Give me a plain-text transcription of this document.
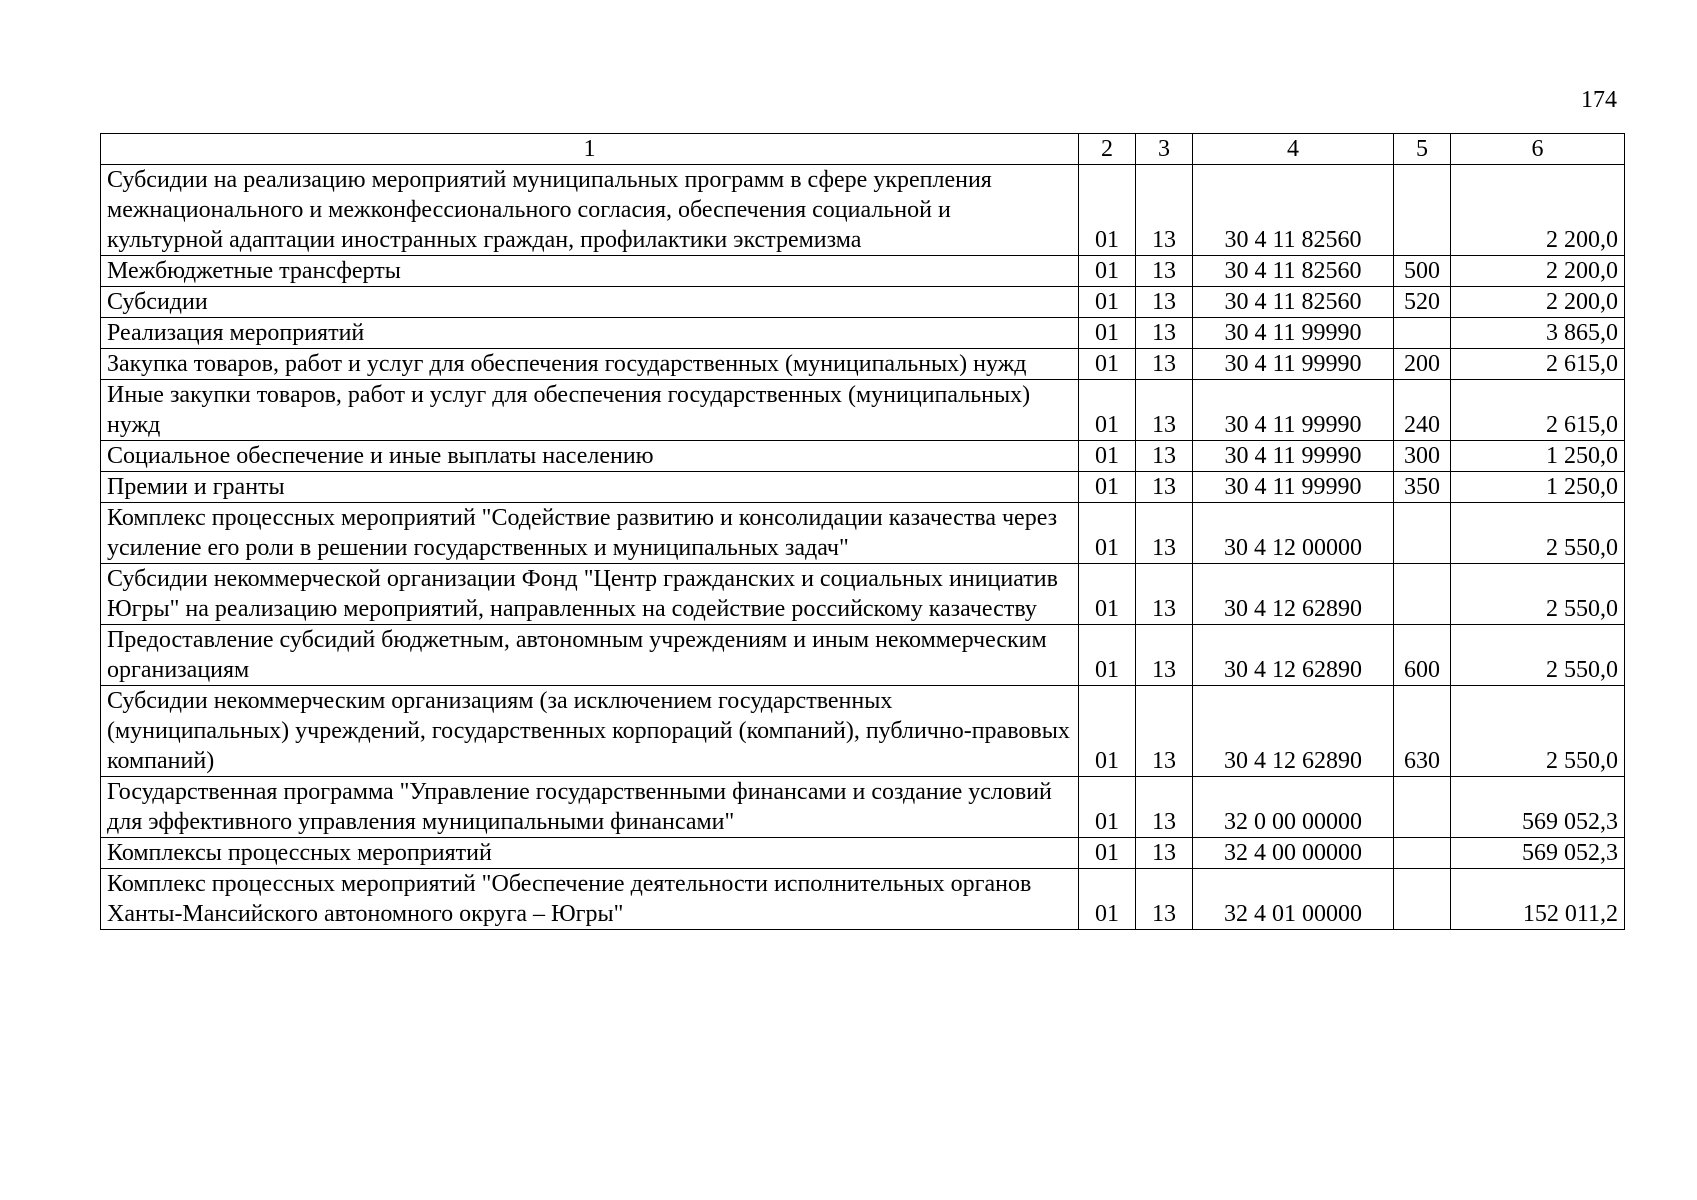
174
1	2	3	4	5	6
Субсидии на реализацию мероприятий муниципальных программ в сфере укрепления межнационального и межконфессионального согласия, обеспечения социальной и культурной адаптации иностранных граждан, профилактики экстремизма	01	13	30 4 11 82560		2 200,0
Межбюджетные трансферты	01	13	30 4 11 82560	500	2 200,0
Субсидии	01	13	30 4 11 82560	520	2 200,0
Реализация мероприятий	01	13	30 4 11 99990		3 865,0
Закупка товаров, работ и услуг для обеспечения государственных (муниципальных) нужд	01	13	30 4 11 99990	200	2 615,0
Иные закупки товаров, работ и услуг для обеспечения государственных (муниципальных) нужд	01	13	30 4 11 99990	240	2 615,0
Социальное обеспечение и иные выплаты населению	01	13	30 4 11 99990	300	1 250,0
Премии и гранты	01	13	30 4 11 99990	350	1 250,0
Комплекс процессных мероприятий "Содействие развитию и консолидации казачества через усиление его роли в решении государственных и муниципальных задач"	01	13	30 4 12 00000		2 550,0
Субсидии некоммерческой организации Фонд "Центр гражданских и социальных инициатив Югры" на реализацию мероприятий, направленных на содействие российскому казачеству	01	13	30 4 12 62890		2 550,0
Предоставление субсидий бюджетным, автономным учреждениям и иным некоммерческим организациям	01	13	30 4 12 62890	600	2 550,0
Субсидии некоммерческим организациям (за исключением государственных (муниципальных) учреждений, государственных корпораций (компаний), публично-правовых компаний)	01	13	30 4 12 62890	630	2 550,0
Государственная программа "Управление государственными финансами и создание условий для эффективного управления муниципальными финансами"	01	13	32 0 00 00000		569 052,3
Комплексы процессных мероприятий	01	13	32 4 00 00000		569 052,3
Комплекс процессных мероприятий "Обеспечение деятельности исполнительных органов Ханты-Мансийского автономного округа – Югры"	01	13	32 4 01 00000		152 011,2
